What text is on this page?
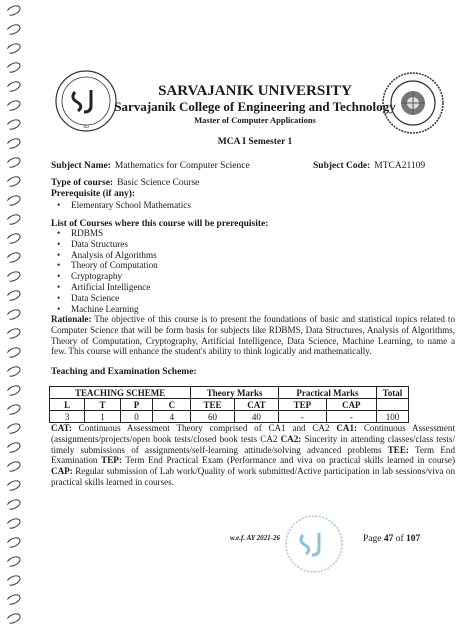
SU
SARVAJANIK UNIVERSITY
Sarvajanik College of Engineering and Technology
Master of Computer Applications
MCA I Semester 1
Subject Name: Mathematics for Computer Science	Subject Code: MTCA21109
Type of course: Basic Science Course
Prerequisite (if any):
• Elementary School Mathematics
List of Courses where this course will be prerequisite:
• RDBMS
• Data Structures
• Analysis of Algorithms
• Theory of Computation
• Cryptography
• Artificial Intelligence
• Data Science
• Machine Learning
Rationale: The objective of this course is to present the foundations of basic and statistical topics related to Computer Science that will be form basis for subjects like RDBMS, Data Structures, Analysis of Algorithms, Theory of Computation, Cryptography, Artificial Intelligence, Data Science, Machine Learning, to name a few. This course will enhance the student's ability to think logically and mathematically.
Teaching and Examination Scheme:
TEACHING SCHEME				Theory Marks		Practical Marks		Total
L	T	P	C	TEE	CAT	TEP	CAP	
3	1	0	4	60	40	-	-	100
CAT: Continuous Assessment Theory comprised of CA1 and CA2 CA1: Continuous Assessment (assignments/projects/open book tests/closed book tests CA2 CA2: Sincerity in attending classes/class tests/ timely submissions of assignments/self-learning attitude/solving advanced problems TEE: Term End Examination TEP: Term End Practical Exam (Performance and viva on practical skills learned in course) CAP: Regular submission of Lab work/Quality of work submitted/Active participation in lab sessions/viva on practical skills learned in courses.
w.e.f. AY 2021-26	Page 47 of 107
